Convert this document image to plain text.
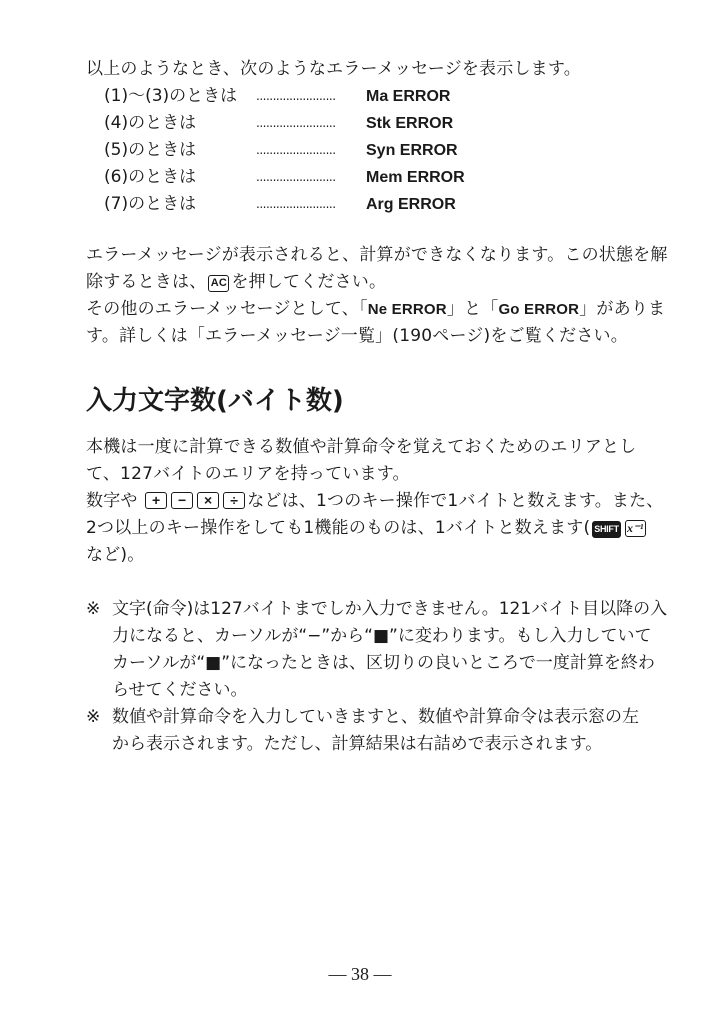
以上のようなとき、次のようなエラーメッセージを表示します。
(1)〜(3)のときは ........................ Ma ERROR
(4)のときは	........................ Stk ERROR
(5)のときは	........................ Syn ERROR
(6)のときは	........................ Mem ERROR
(7)のときは	........................ Arg ERROR
エラーメッセージが表示されると、計算ができなくなります。この状態を解
除するときは、 AC を押してください。
その他のエラーメッセージとして、「Ne ERROR」と「Go ERROR」がありま
す。詳しくは「エラーメッセージ一覧」(190ページ)をご覧ください。
入力文字数(バイト数)
本機は一度に計算できる数値や計算命令を覚えておくためのエリアとし
て、127バイトのエリアを持っています。
数字や + − × ÷ などは、1つのキー操作で1バイトと数えます。また、
2つ以上のキー操作をしても1機能のものは、1バイトと数えます( SHIFT x⁻¹
など)。
※ 文字(命令)は127バイトまでしか入力できません。121バイト目以降の入
力になると、カーソルが“−”から“■”に変わります。もし入力していて
カーソルが“■”になったときは、区切りの良いところで一度計算を終わ
らせてください。
※ 数値や計算命令を入力していきますと、数値や計算命令は表示窓の左
から表示されます。ただし、計算結果は右詰めで表示されます。
— 38 —
